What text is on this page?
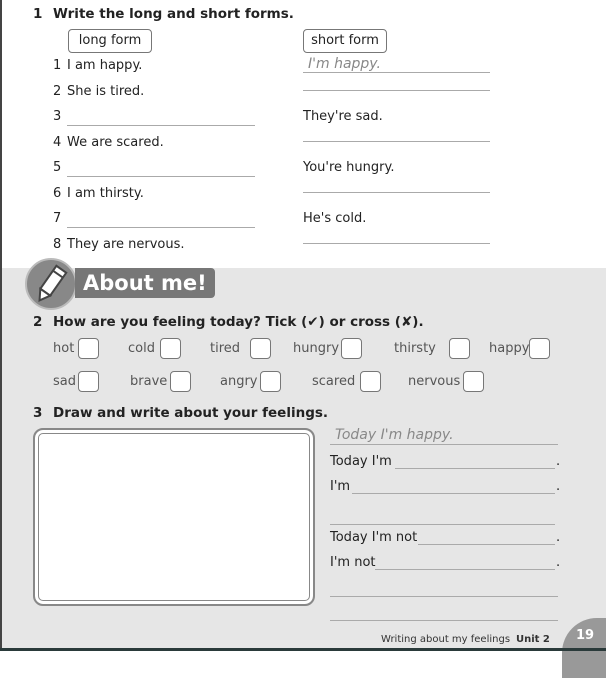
1 Write the long and short forms.
long form	short form
1 I am happy.	I'm happy.
2 She is tired.
3	They're sad.
4 We are scared.
5	You're hungry.
6 I am thirsty.
7	He's cold.
8 They are nervous.
About me!
2 How are you feeling today? Tick (✔) or cross (✘).
hot	cold	tired	hungry	thirsty	happy
sad	brave	angry	scared	nervous
3 Draw and write about your feelings.
Today I'm happy.
Today I'm	.
I'm	.
Today I'm not	.
I'm not	.
Writing about my feelings Unit 2	19
